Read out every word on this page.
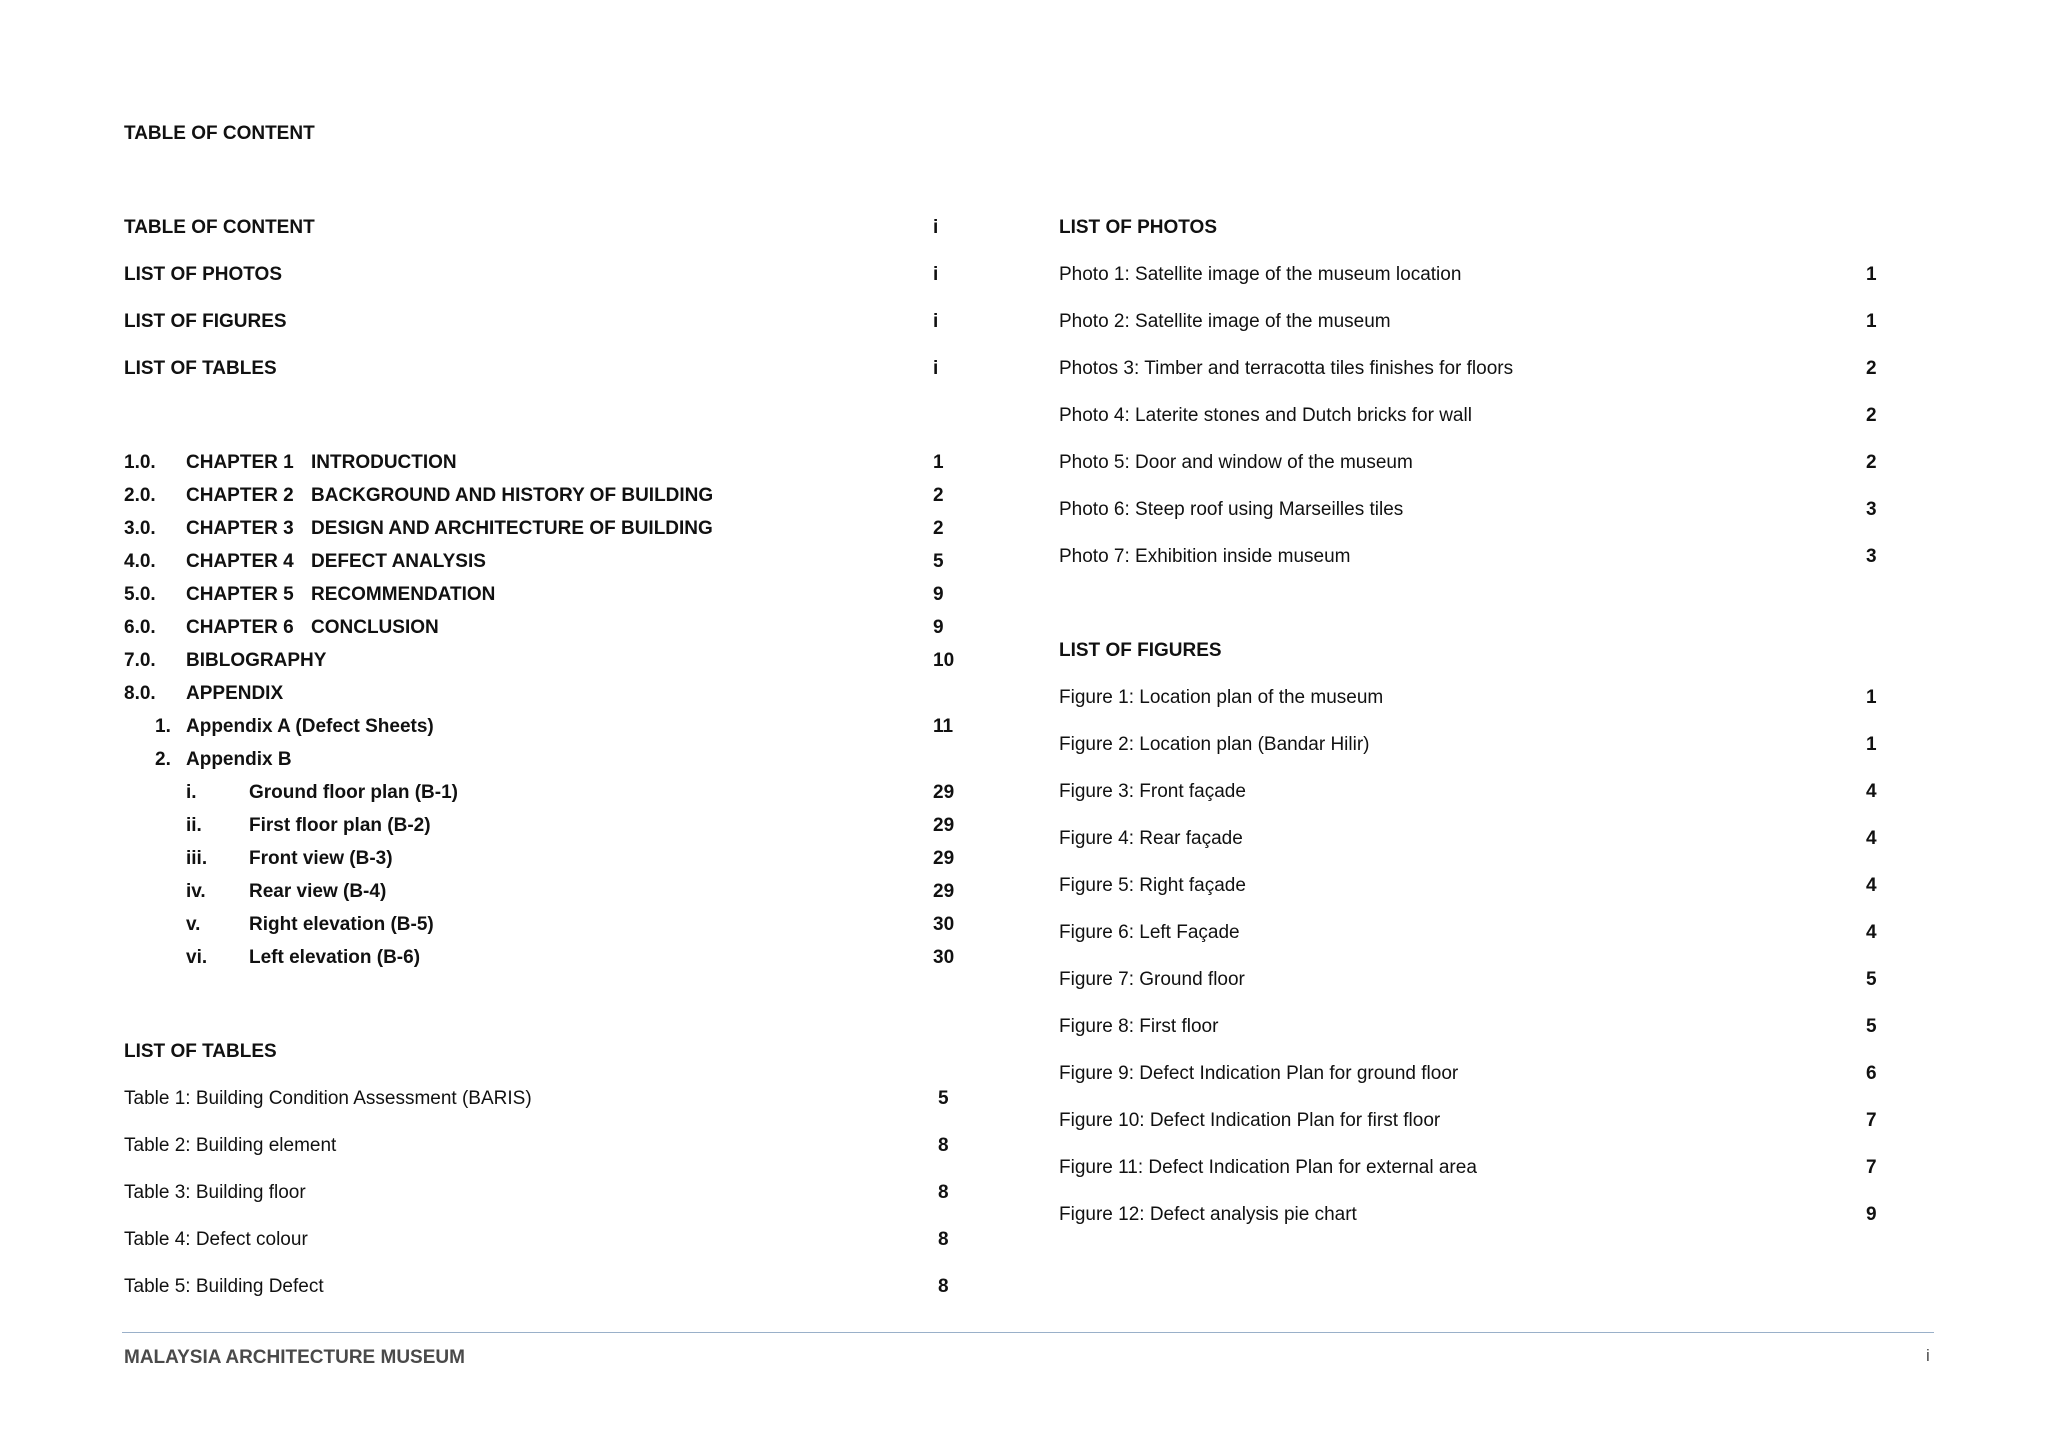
TABLE OF CONTENT
TABLE OF CONTENT	i
LIST OF PHOTOS	i
LIST OF FIGURES	i
LIST OF TABLES	i
1.0. CHAPTER 1 INTRODUCTION	1
2.0. CHAPTER 2 BACKGROUND AND HISTORY OF BUILDING	2
3.0. CHAPTER 3 DESIGN AND ARCHITECTURE OF BUILDING	2
4.0. CHAPTER 4 DEFECT ANALYSIS	5
5.0. CHAPTER 5 RECOMMENDATION	9
6.0. CHAPTER 6 CONCLUSION	9
7.0. BIBLOGRAPHY	10
8.0. APPENDIX
1. Appendix A (Defect Sheets)	11
2. Appendix B
i.	Ground floor plan (B-1)	29
ii. First floor plan (B-2)	29
iii. Front view (B-3)	29
iv. Rear view (B-4)	29
v.	Right elevation (B-5)	30
vi. Left elevation (B-6)	30
LIST OF TABLES
Table 1: Building Condition Assessment (BARIS)	5
Table 2: Building element	8
Table 3: Building floor	8
Table 4: Defect colour	8
Table 5: Building Defect	8
LIST OF PHOTOS
Photo 1: Satellite image of the museum location	1
Photo 2: Satellite image of the museum	1
Photos 3: Timber and terracotta tiles finishes for floors	2
Photo 4: Laterite stones and Dutch bricks for wall	2
Photo 5: Door and window of the museum	2
Photo 6: Steep roof using Marseilles tiles	3
Photo 7: Exhibition inside museum	3
LIST OF FIGURES
Figure 1: Location plan of the museum	1
Figure 2: Location plan (Bandar Hilir)	1
Figure 3: Front façade	4
Figure 4: Rear façade	4
Figure 5: Right façade	4
Figure 6: Left Façade	4
Figure 7: Ground floor	5
Figure 8: First floor	5
Figure 9: Defect Indication Plan for ground floor	6
Figure 10: Defect Indication Plan for first floor	7
Figure 11: Defect Indication Plan for external area	7
Figure 12: Defect analysis pie chart	9
MALAYSIA ARCHITECTURE MUSEUM	i
